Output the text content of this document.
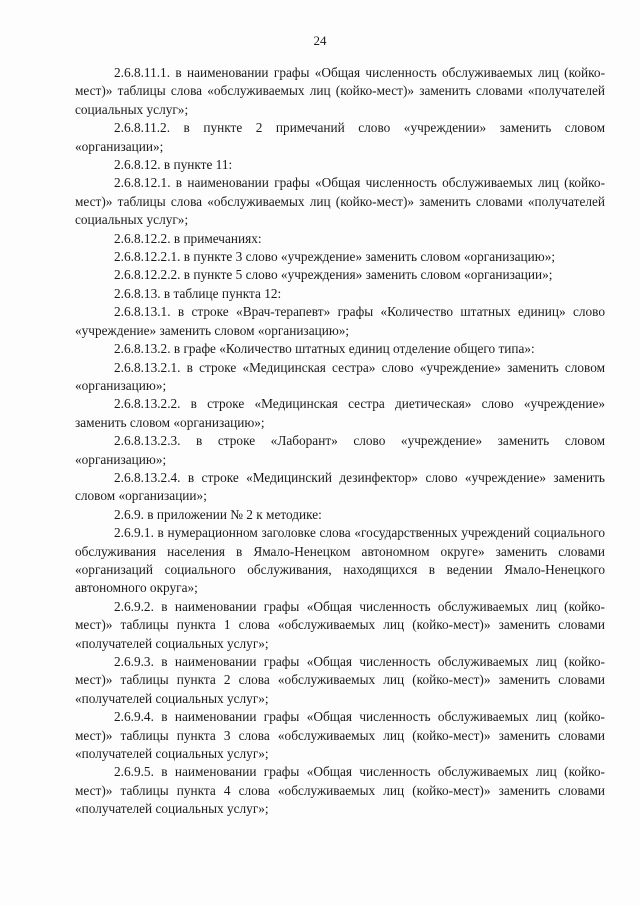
24

2.6.8.11.1. в наименовании графы «Общая численность обслуживаемых лиц (койко-мест)» таблицы слова «обслуживаемых лиц (койко-мест)» заменить словами «получателей социальных услуг»;

2.6.8.11.2. в пункте 2 примечаний слово «учреждении» заменить словом «организации»;

2.6.8.12. в пункте 11:

2.6.8.12.1. в наименовании графы «Общая численность обслуживаемых лиц (койко-мест)» таблицы слова «обслуживаемых лиц (койко-мест)» заменить словами «получателей социальных услуг»;

2.6.8.12.2. в примечаниях:

2.6.8.12.2.1. в пункте 3 слово «учреждение» заменить словом «организацию»;

2.6.8.12.2.2. в пункте 5 слово «учреждения» заменить словом «организации»;

2.6.8.13. в таблице пункта 12:

2.6.8.13.1. в строке «Врач-терапевт» графы «Количество штатных единиц» слово «учреждение» заменить словом «организацию»;

2.6.8.13.2. в графе «Количество штатных единиц отделение общего типа»:

2.6.8.13.2.1. в строке «Медицинская сестра» слово «учреждение» заменить словом «организацию»;

2.6.8.13.2.2. в строке «Медицинская сестра диетическая» слово «учреждение» заменить словом «организацию»;

2.6.8.13.2.3. в строке «Лаборант» слово «учреждение» заменить словом «организацию»;

2.6.8.13.2.4. в строке «Медицинский дезинфектор» слово «учреждение» заменить словом «организации»;

2.6.9. в приложении № 2 к методике:

2.6.9.1. в нумерационном заголовке слова «государственных учреждений социального обслуживания населения в Ямало-Ненецком автономном округе» заменить словами «организаций социального обслуживания, находящихся в ведении Ямало-Ненецкого автономного округа»;

2.6.9.2. в наименовании графы «Общая численность обслуживаемых лиц (койко-мест)» таблицы пункта 1 слова «обслуживаемых лиц (койко-мест)» заменить словами «получателей социальных услуг»;

2.6.9.3. в наименовании графы «Общая численность обслуживаемых лиц (койко-мест)» таблицы пункта 2 слова «обслуживаемых лиц (койко-мест)» заменить словами «получателей социальных услуг»;

2.6.9.4. в наименовании графы «Общая численность обслуживаемых лиц (койко-мест)» таблицы пункта 3 слова «обслуживаемых лиц (койко-мест)» заменить словами «получателей социальных услуг»;

2.6.9.5. в наименовании графы «Общая численность обслуживаемых лиц (койко-мест)» таблицы пункта 4 слова «обслуживаемых лиц (койко-мест)» заменить словами «получателей социальных услуг»;
